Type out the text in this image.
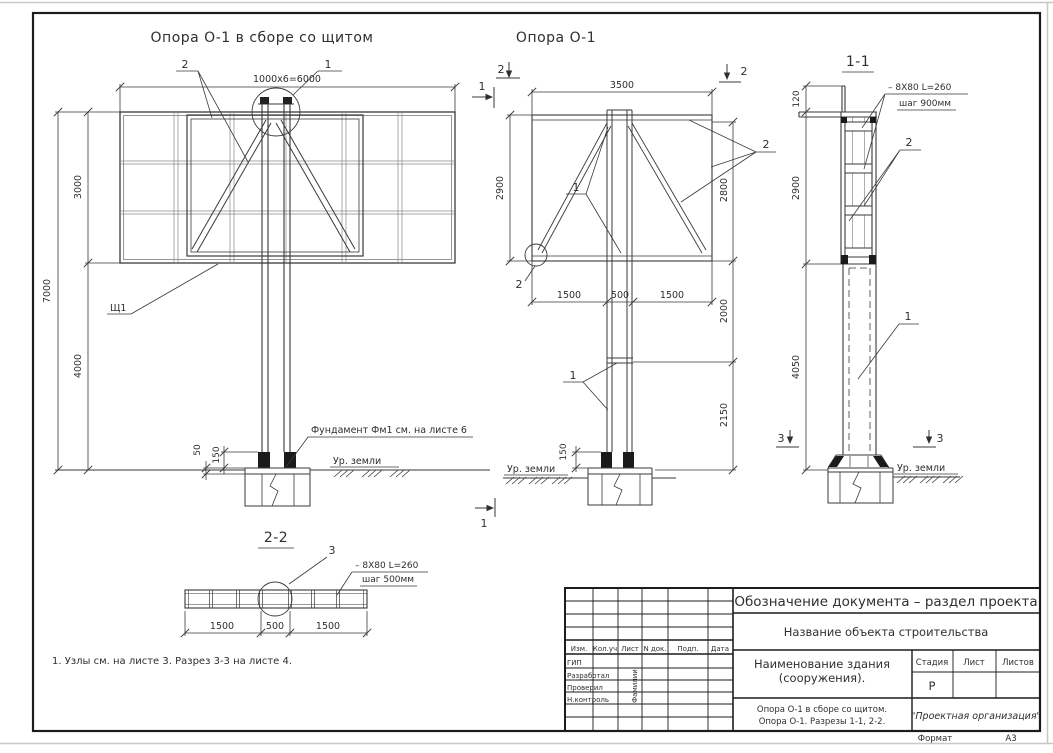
Опора О-1 в сборе со щитом
1000х6=6000
7000
3000
4000
50 150
1
2
Щ1
Фундамент Фм1 см. на листе 6
Ур. земли
Опора О-1
3500
2900	2800
2000
2150
150
1500	500	1500
1
2
1
2
2	2
1
1
Ур. земли
1-1
120
2900
4050
– 8Х80 L=260
шаг 900мм
2
1
3	3
Ур. земли
2-2
3
– 8Х80 L=260
шаг 500мм
1500	500	1500
1. Узлы см. на листе 3. Разрез 3-3 на листе 4.
Обозначение документа – раздел проекта
Название объекта строительства
Наименование здания
(сооружения).
Опора О-1 в сборе со щитом.
Опора О-1. Разрезы 1-1, 2-2.	"Проектная организация"
Стадия Лист Листов
Р
Изм. Кол.уч Лист N док. Подп. Дата
ГИП
Разработал
Проверил
Н.контроль	Фамилии
Формат	А3
